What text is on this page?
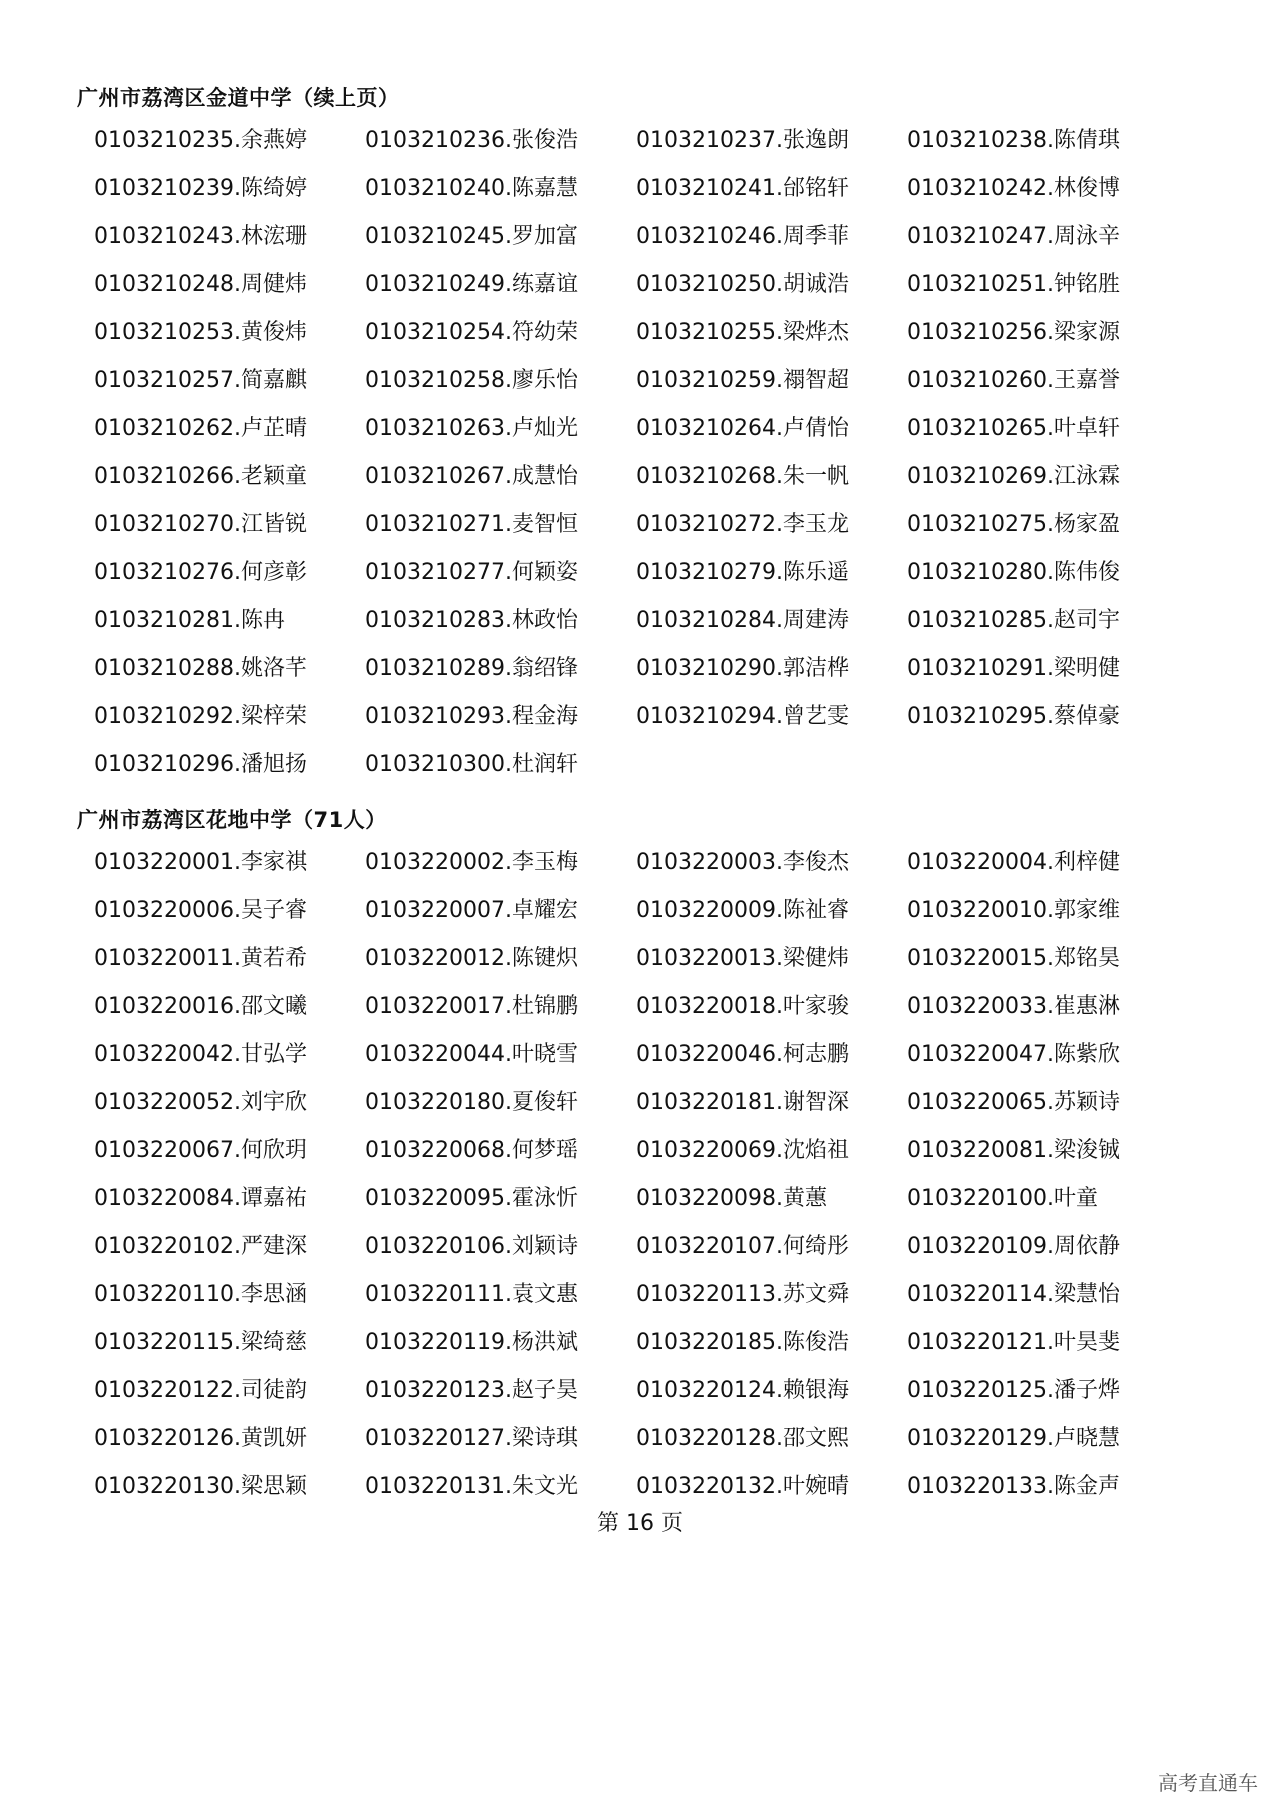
广州市荔湾区金道中学（续上页）
0103210235.余燕婷	0103210236.张俊浩	0103210237.张逸朗	0103210238.陈倩琪
0103210239.陈绮婷	0103210240.陈嘉慧	0103210241.邰铭轩	0103210242.林俊博
0103210243.林浤珊	0103210245.罗加富	0103210246.周季菲	0103210247.周泳辛
0103210248.周健炜	0103210249.练嘉谊	0103210250.胡诚浩	0103210251.钟铭胜
0103210253.黄俊炜	0103210254.符幼荣	0103210255.梁烨杰	0103210256.梁家源
0103210257.简嘉麒	0103210258.廖乐怡	0103210259.禤智超	0103210260.王嘉誉
0103210262.卢芷晴	0103210263.卢灿光	0103210264.卢倩怡	0103210265.叶卓轩
0103210266.老颖童	0103210267.成慧怡	0103210268.朱一帆	0103210269.江泳霖
0103210270.江皆锐	0103210271.麦智恒	0103210272.李玉龙	0103210275.杨家盈
0103210276.何彦彰	0103210277.何颖姿	0103210279.陈乐遥	0103210280.陈伟俊
0103210281.陈冉	0103210283.林政怡	0103210284.周建涛	0103210285.赵司宇
0103210288.姚洛芊	0103210289.翁绍锋	0103210290.郭洁桦	0103210291.梁明健
0103210292.梁梓荣	0103210293.程金海	0103210294.曾艺雯	0103210295.蔡倬豪
0103210296.潘旭扬	0103210300.杜润轩
广州市荔湾区花地中学（71人）
0103220001.李家祺	0103220002.李玉梅	0103220003.李俊杰	0103220004.利梓健
0103220006.吴子睿	0103220007.卓耀宏	0103220009.陈祉睿	0103220010.郭家维
0103220011.黄若希	0103220012.陈键炽	0103220013.梁健炜	0103220015.郑铭昊
0103220016.邵文曦	0103220017.杜锦鹏	0103220018.叶家骏	0103220033.崔惠淋
0103220042.甘弘学	0103220044.叶晓雪	0103220046.柯志鹏	0103220047.陈紫欣
0103220052.刘宇欣	0103220180.夏俊轩	0103220181.谢智深	0103220065.苏颖诗
0103220067.何欣玥	0103220068.何梦瑶	0103220069.沈焰祖	0103220081.梁浚铖
0103220084.谭嘉祐	0103220095.霍泳忻	0103220098.黄蕙	0103220100.叶童
0103220102.严建深	0103220106.刘颖诗	0103220107.何绮彤	0103220109.周依静
0103220110.李思涵	0103220111.袁文惠	0103220113.苏文舜	0103220114.梁慧怡
0103220115.梁绮慈	0103220119.杨洪斌	0103220185.陈俊浩	0103220121.叶昊斐
0103220122.司徒韵	0103220123.赵子昊	0103220124.赖银海	0103220125.潘子烨
0103220126.黄凯妍	0103220127.梁诗琪	0103220128.邵文熙	0103220129.卢晓慧
0103220130.梁思颖	0103220131.朱文光	0103220132.叶婉晴	0103220133.陈金声
第 16 页
高考直通车
